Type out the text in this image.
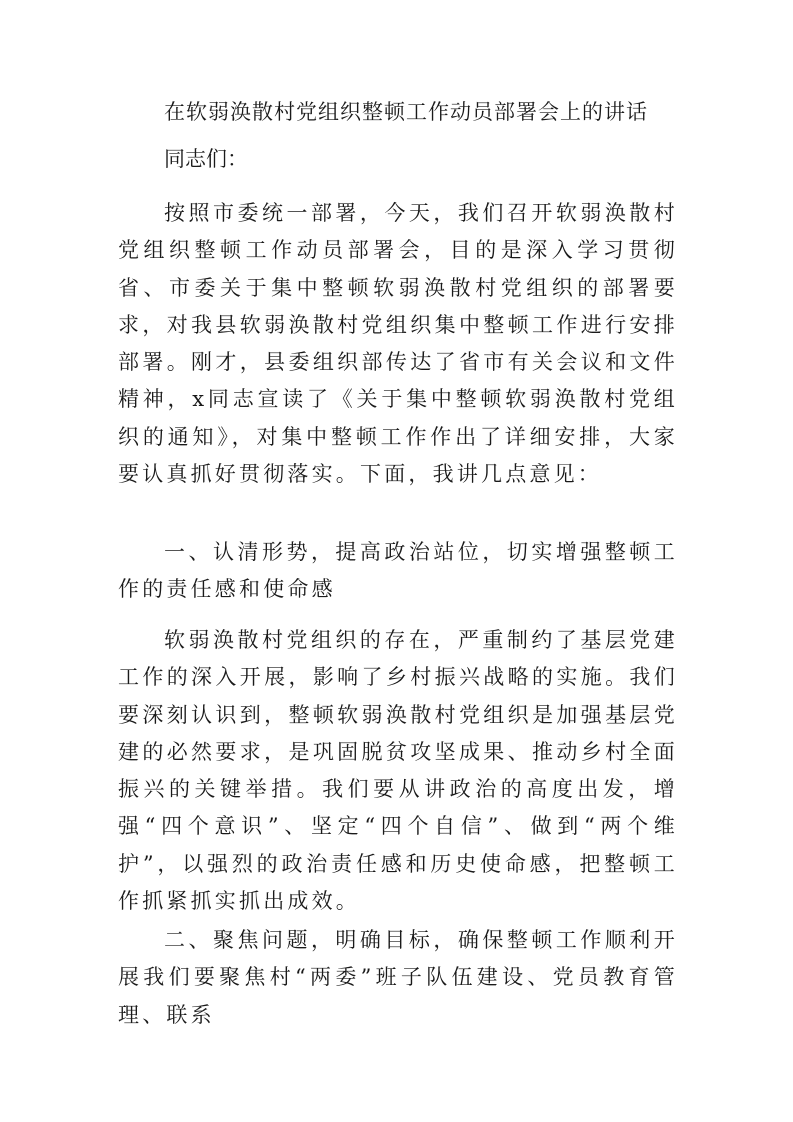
在软弱涣散村党组织整顿工作动员部署会上的讲话

同志们：

按照市委统一部署，今天，我们召开软弱涣散村党组织整顿工作动员部署会，目的是深入学习贯彻省、市委关于集中整顿软弱涣散村党组织的部署要求，对我县软弱涣散村党组织集中整顿工作进行安排部署。刚才，县委组织部传达了省市有关会议和文件精神，x同志宣读了《关于集中整顿软弱涣散村党组织的通知》，对集中整顿工作作出了详细安排，大家要认真抓好贯彻落实。下面，我讲几点意见：

一、认清形势，提高政治站位，切实增强整顿工作的责任感和使命感

软弱涣散村党组织的存在，严重制约了基层党建工作的深入开展，影响了乡村振兴战略的实施。我们要深刻认识到，整顿软弱涣散村党组织是加强基层党建的必然要求，是巩固脱贫攻坚成果、推动乡村全面振兴的关键举措。我们要从讲政治的高度出发，增强“四个意识”、坚定“四个自信”、做到“两个维护”，以强烈的政治责任感和历史使命感，把整顿工作抓紧抓实抓出成效。

二、聚焦问题，明确目标，确保整顿工作顺利开展我们要聚焦村“两委”班子队伍建设、党员教育管理、联系
